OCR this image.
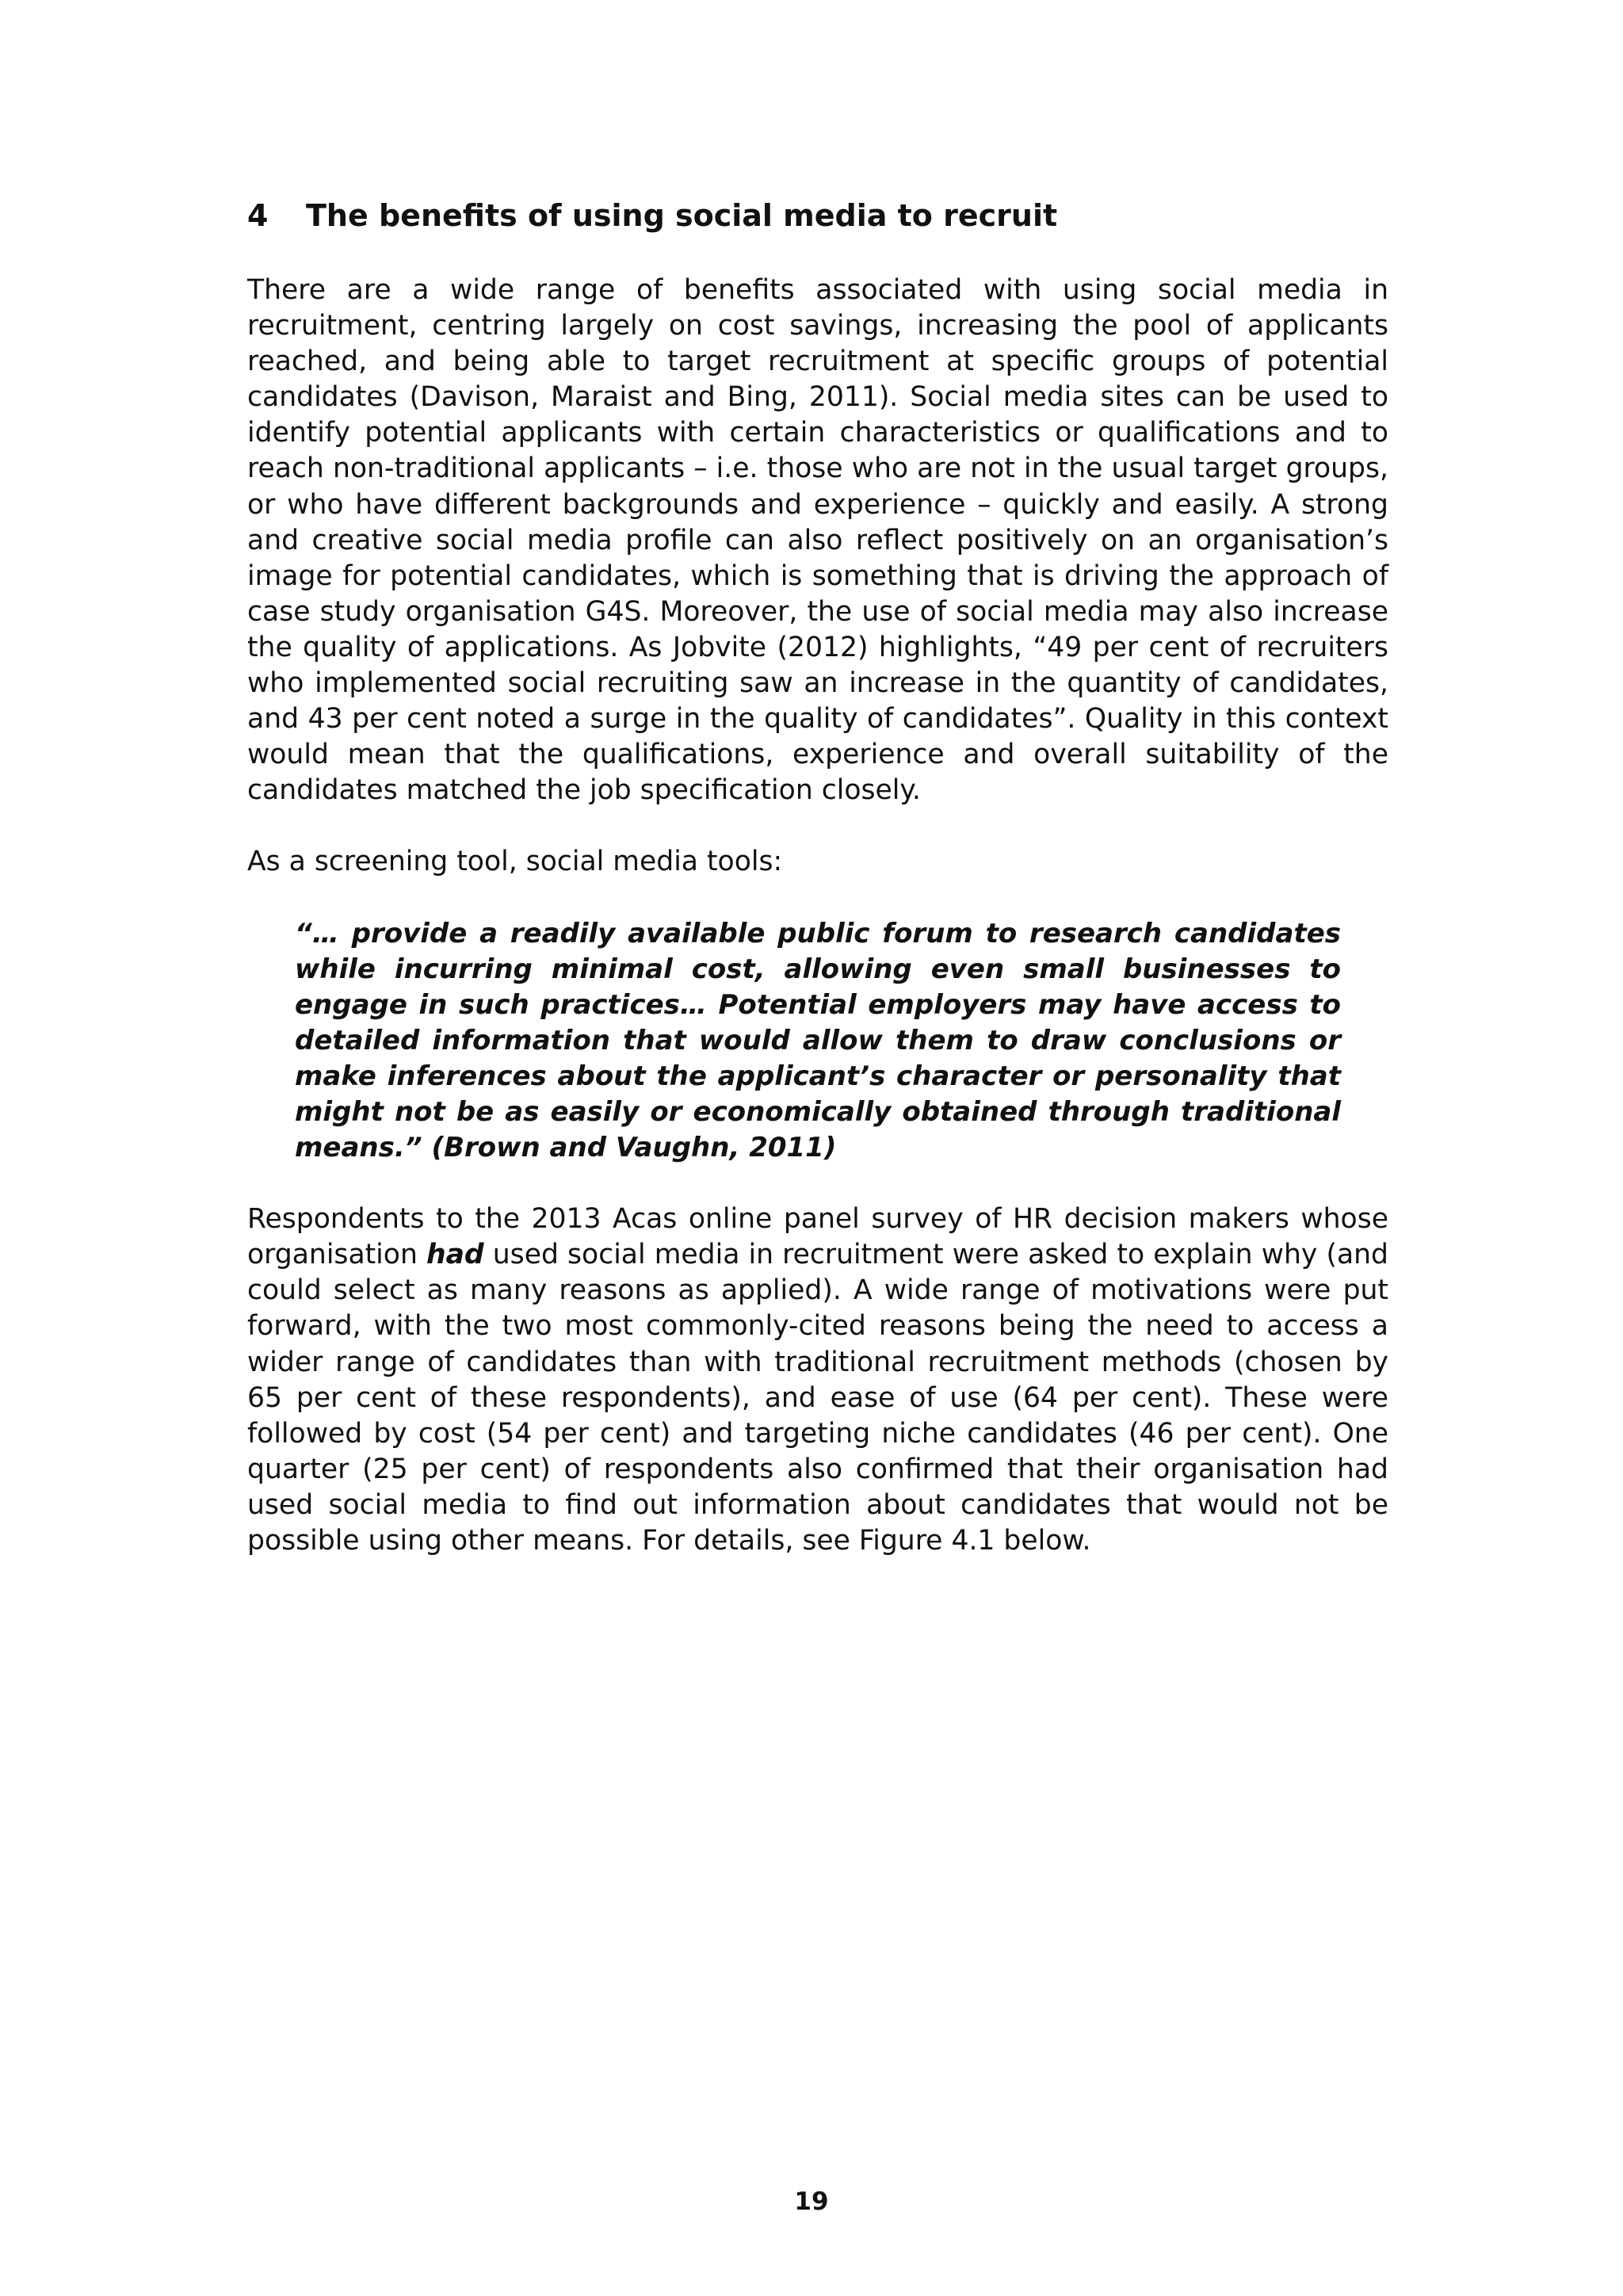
4 The benefits of using social media to recruit

There are a wide range of benefits associated with using social media in recruitment, centring largely on cost savings, increasing the pool of applicants reached, and being able to target recruitment at specific groups of potential candidates (Davison, Maraist and Bing, 2011). Social media sites can be used to identify potential applicants with certain characteristics or qualifications and to reach non-traditional applicants – i.e. those who are not in the usual target groups, or who have different backgrounds and experience – quickly and easily. A strong and creative social media profile can also reflect positively on an organisation’s image for potential candidates, which is something that is driving the approach of case study organisation G4S. Moreover, the use of social media may also increase the quality of applications. As Jobvite (2012) highlights, “49 per cent of recruiters who implemented social recruiting saw an increase in the quantity of candidates, and 43 per cent noted a surge in the quality of candidates”. Quality in this context would mean that the qualifications, experience and overall suitability of the candidates matched the job specification closely.

As a screening tool, social media tools:

“… provide a readily available public forum to research candidates while incurring minimal cost, allowing even small businesses to engage in such practices… Potential employers may have access to detailed information that would allow them to draw conclusions or make inferences about the applicant’s character or personality that might not be as easily or economically obtained through traditional means.” (Brown and Vaughn, 2011)

Respondents to the 2013 Acas online panel survey of HR decision makers whose organisation had used social media in recruitment were asked to explain why (and could select as many reasons as applied). A wide range of motivations were put forward, with the two most commonly-cited reasons being the need to access a wider range of candidates than with traditional recruitment methods (chosen by 65 per cent of these respondents), and ease of use (64 per cent). These were followed by cost (54 per cent) and targeting niche candidates (46 per cent). One quarter (25 per cent) of respondents also confirmed that their organisation had used social media to find out information about candidates that would not be possible using other means. For details, see Figure 4.1 below.

19
